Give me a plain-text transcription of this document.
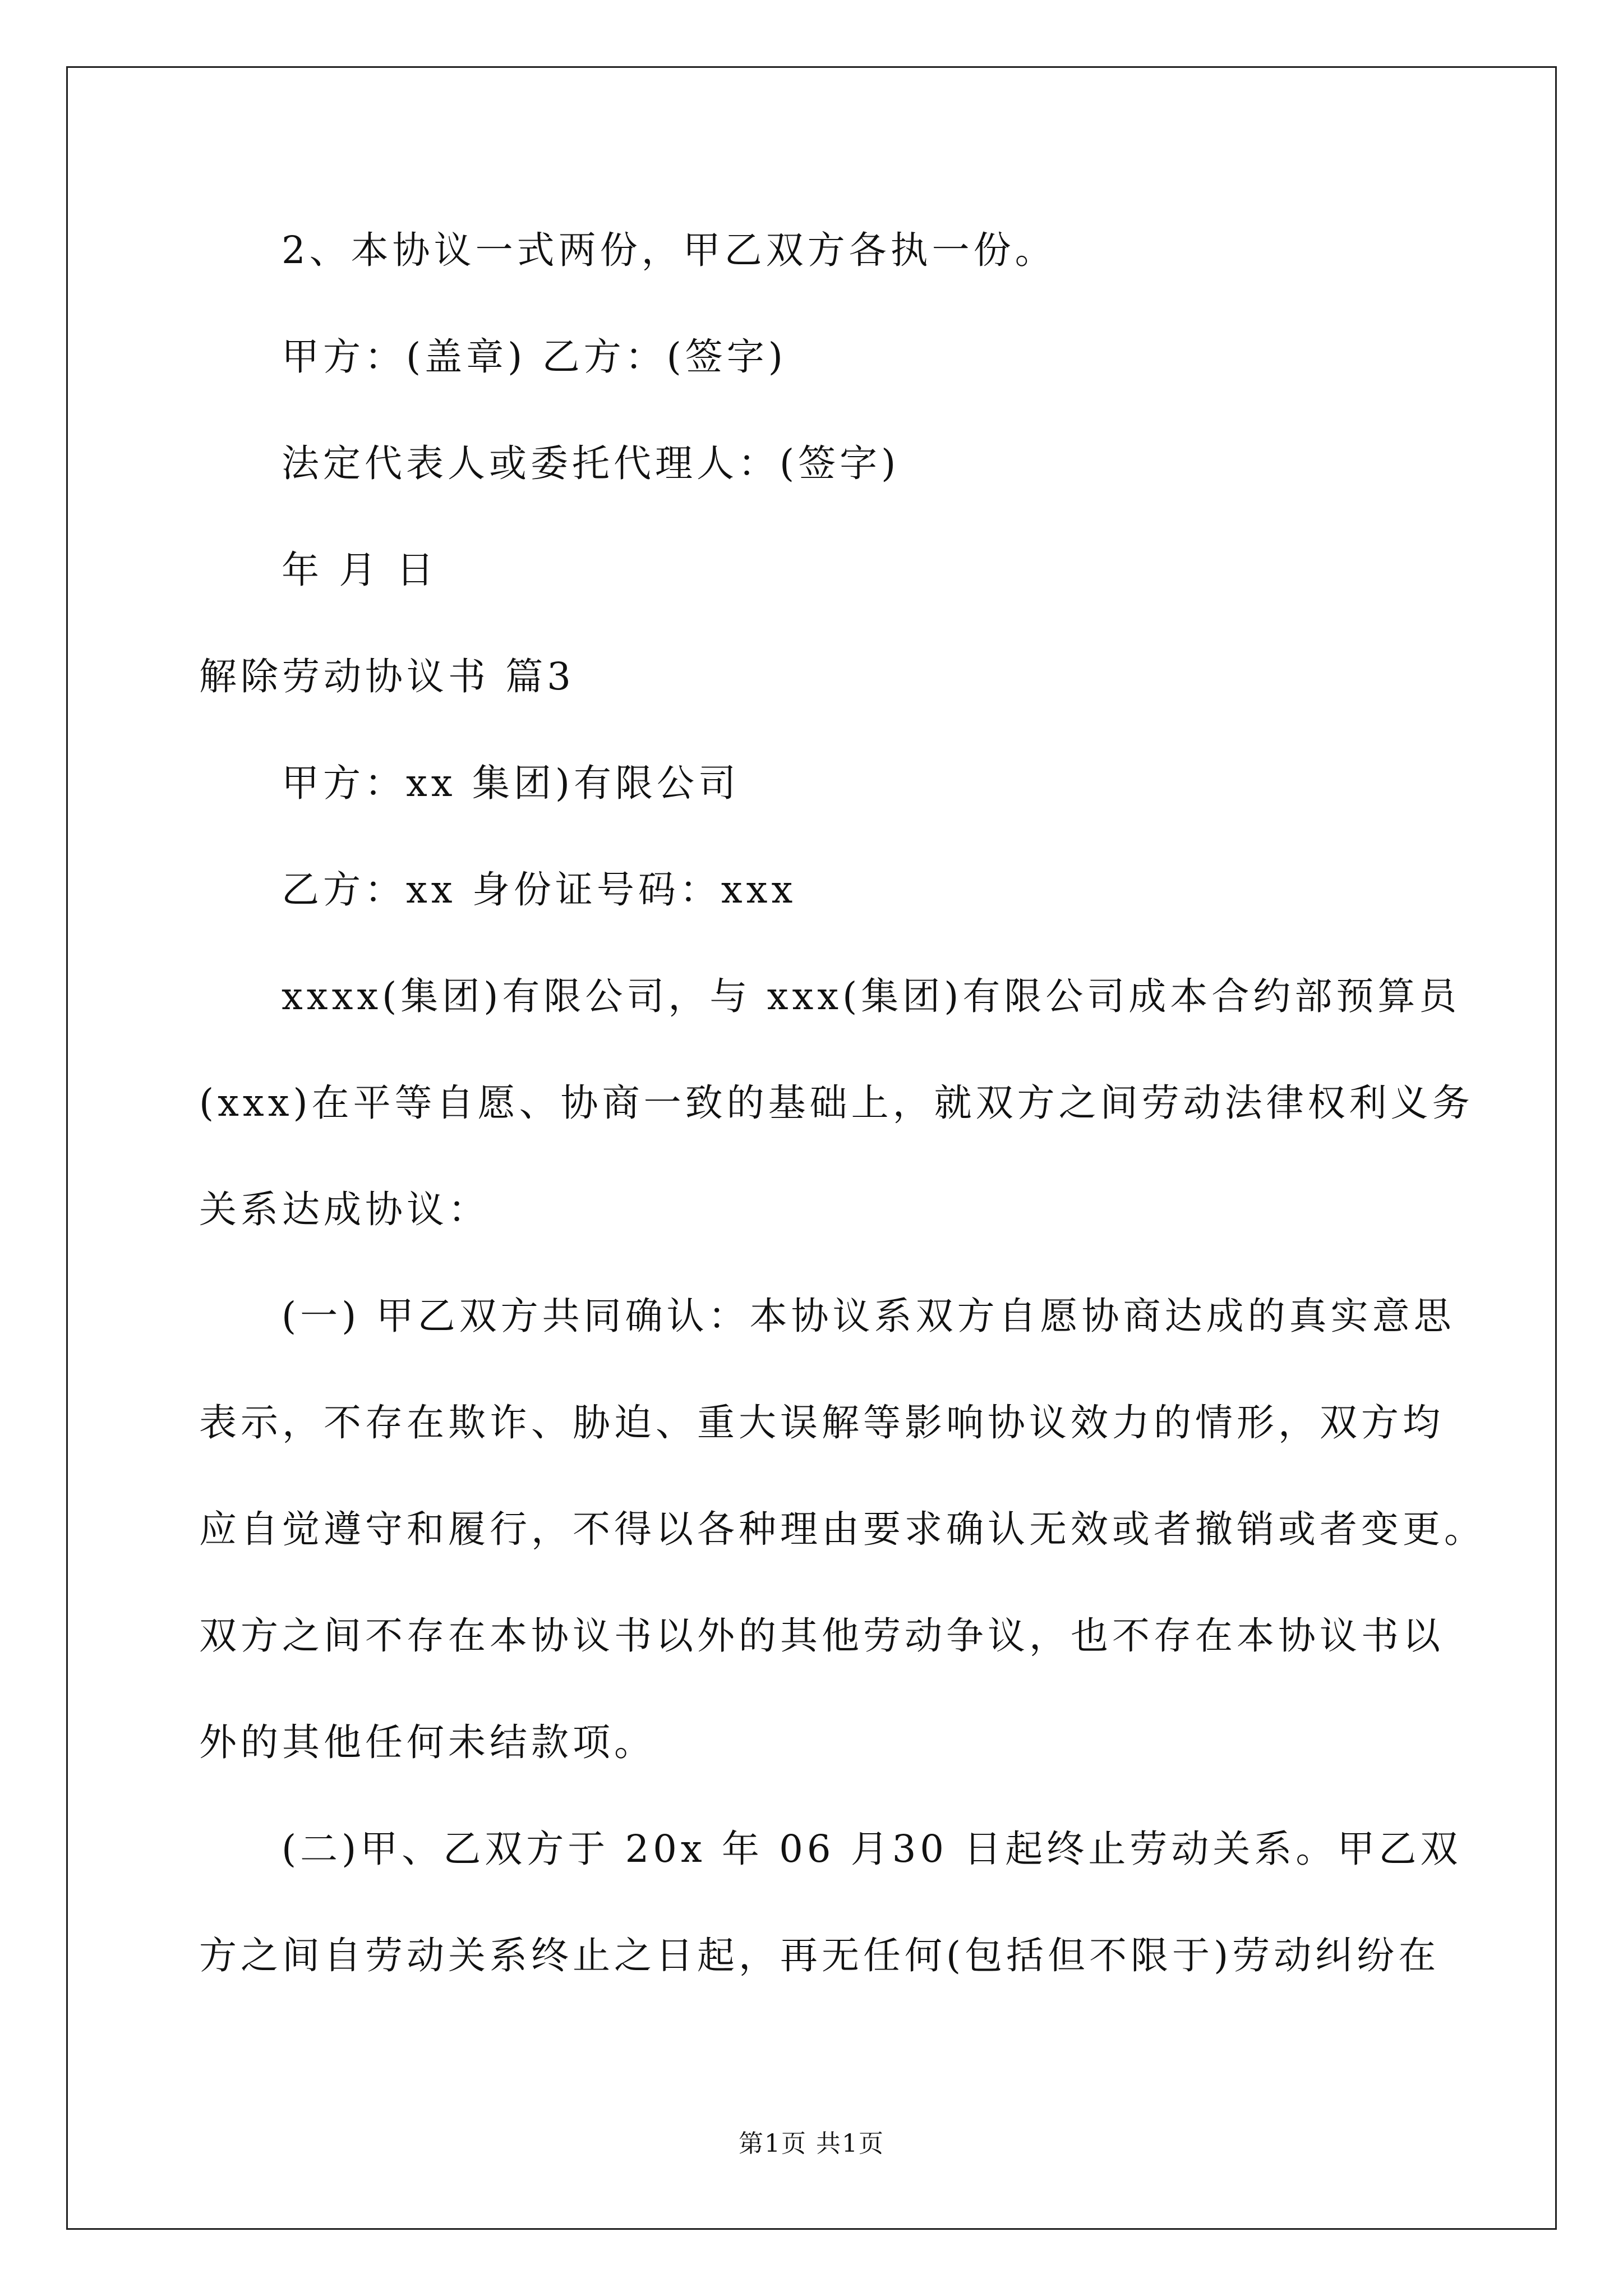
2、本协议一式两份，甲乙双方各执一份。
甲方：(盖章) 乙方：(签字)
法定代表人或委托代理人：(签字)
年 月 日
解除劳动协议书 篇3
甲方：xx 集团)有限公司
乙方：xx 身份证号码：xxx
xxxx(集团)有限公司，与 xxx(集团)有限公司成本合约部预算员
(xxx)在平等自愿、协商一致的基础上，就双方之间劳动法律权利义务
关系达成协议：
(一) 甲乙双方共同确认：本协议系双方自愿协商达成的真实意思
表示，不存在欺诈、胁迫、重大误解等影响协议效力的情形，双方均
应自觉遵守和履行，不得以各种理由要求确认无效或者撤销或者变更。
双方之间不存在本协议书以外的其他劳动争议，也不存在本协议书以
外的其他任何未结款项。
(二)甲、乙双方于 20x 年 06 月30 日起终止劳动关系。甲乙双
方之间自劳动关系终止之日起，再无任何(包括但不限于)劳动纠纷在
第1页 共1页
